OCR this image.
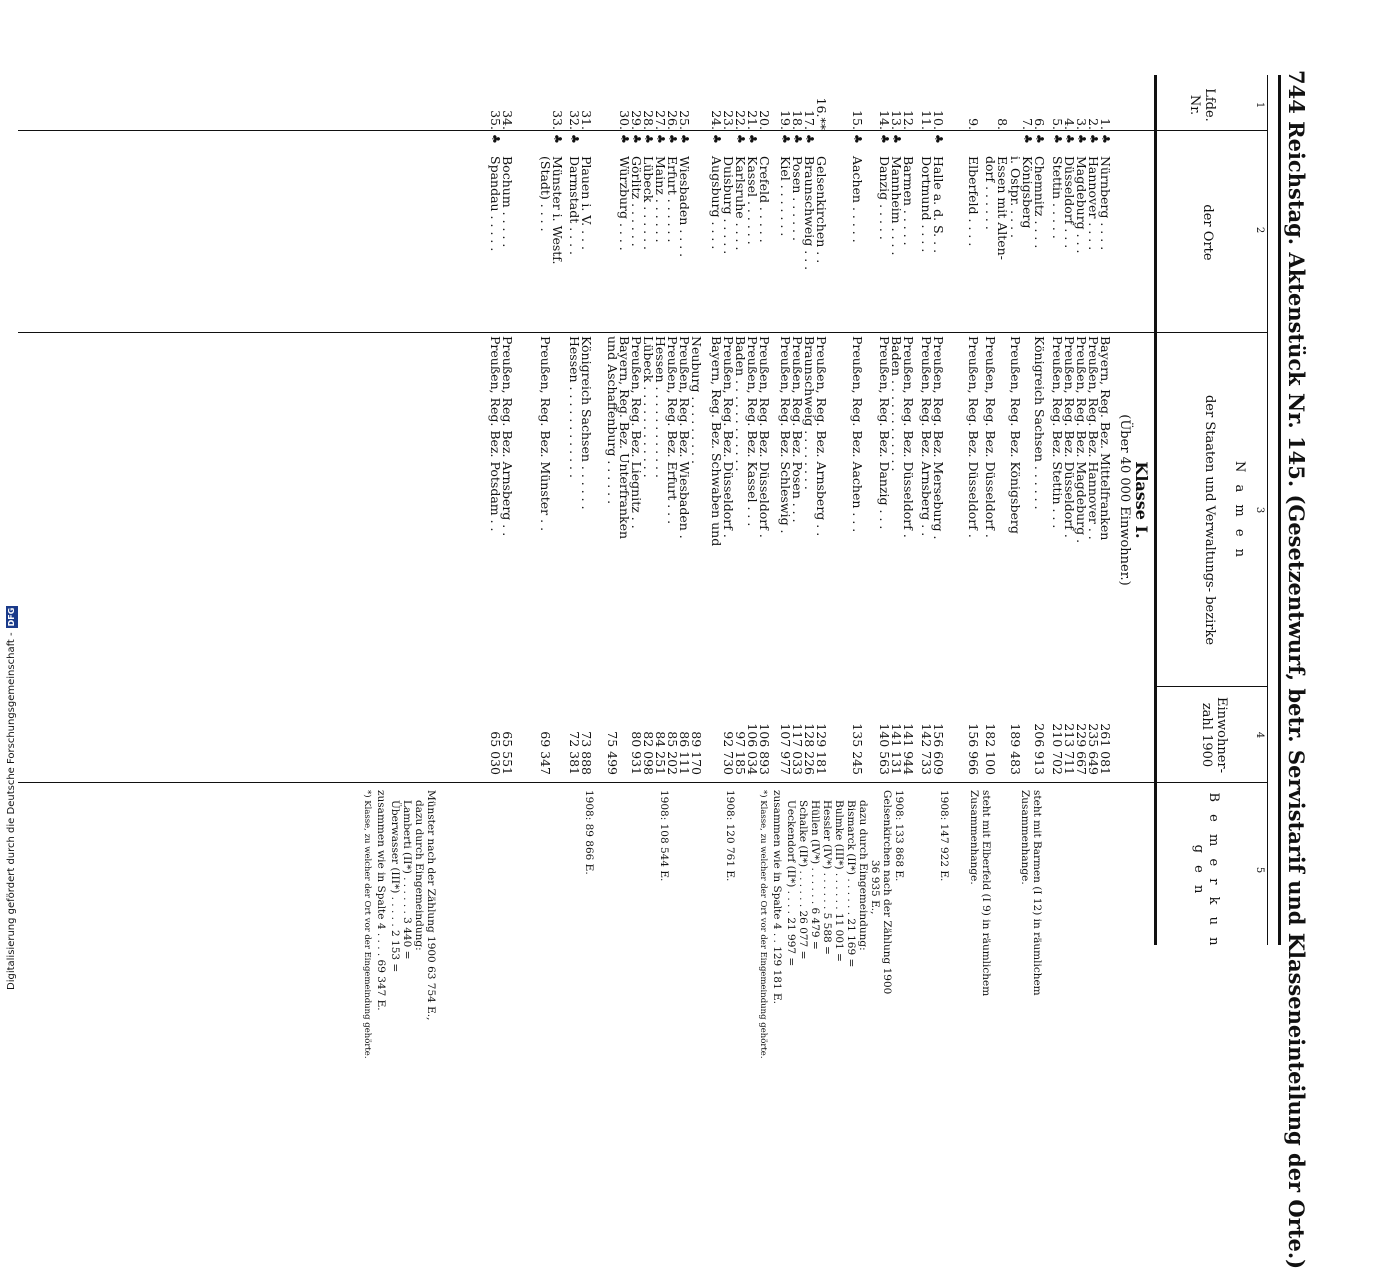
744 Reichstag. Aktenstück Nr. 145. (Gesetzentwurf, betr. Servistarif und Klasseneinteilung der Orte.)
1
2
3
4
5
Lfde. Nr.
N a m e n
der Orte
der Staaten und Verwaltungs- bezirke
Einwohner- zahl 1900
B e m e r k u n g e n
Klasse I.
(Über 40 000 Einwohner.)
1.
♣
Nürnberg . . . .
Bayern, Reg. Bez. Mittelfranken
261 081
2.
♣
Hannover . . . .
Preußen, Reg. Bez. Hannover . .
235 649
3.
♣
Magdeburg . . .
Preußen, Reg. Bez. Magdeburg .
229 667
4.
♣
Düsseldorf . . .
Preußen, Reg. Bez. Düsseldorf .
213 711
5.
♣
Stettin . . . . .
Preußen, Reg. Bez. Stettin . . .
210 702
6.
♣
Chemnitz . . . .
Königreich Sachsen . . . . . .
206 913
7.
♣
Königsberg
i. Ostpr. . . . .
Preußen, Reg. Bez. Königsberg
189 483
8.
Essen mit Alten-
dorf . . . . . .
Preußen, Reg. Bez. Düsseldorf .
182 100
9.
Elberfeld . . . .
Preußen, Reg. Bez. Düsseldorf .
156 966
10.
♣
Halle a. d. S. . .
Preußen, Reg. Bez. Merseburg .
156 609
11.
Dortmund . . . .
Preußen, Reg. Bez. Arnsberg . .
142 733
12.
Barmen . . . . .
Preußen, Reg. Bez. Düsseldorf .
141 944
13.
♣
Mannheim . . . .
Baden . . . . . . . . . . . .
141 131
14.
♣
Danzig . . . . .
Preußen, Reg. Bez. Danzig . . .
140 563
15.
♣
Aachen . . . . .
Preußen, Reg. Bez. Aachen . . .
135 245
16.**
Gelsenkirchen . .
Preußen, Reg. Bez. Arnsberg . .
129 181
17.
♣
Braunschweig . . .
Braunschweig . . . . . . . .
128 226
18.
♣
Posen . . . . . .
Preußen, Reg. Bez. Posen . . .
117 033
19.
♣
Kiel . . . . . . .
Preußen, Reg. Bez. Schleswig .
107 977
20.
Crefeld . . . . .
Preußen, Reg. Bez. Düsseldorf .
106 893
21.
♣
Kassel . . . . . .
Preußen, Reg. Bez. Kassel . . .
106 034
22.
♣
Karlsruhe . . . .
Baden . . . . . . . . . . . .
97 185
23.
Duisburg . . . . .
Preußen, Reg. Bez. Düsseldorf .
92 730
24.
♣
Augsburg . . . .
Bayern, Reg. Bez. Schwaben und
Neuburg . . . . . . . . .
89 170
25.
♣
Wiesbaden . . . .
Preußen, Reg. Bez. Wiesbaden .
86 111
26.
♣
Erfurt . . . . . .
Preußen, Reg. Bez. Erfurt . . .
85 202
27.
♣
Mainz . . . . . .
Hessen . . . . . . . . . . . .
84 251
28.
♣
Lübeck . . . . . .
Lübeck . . . . . . . . . . . .
82 098
29.
♣
Görlitz . . . . . .
Preußen, Reg. Bez. Liegnitz . .
80 931
30.
♣
Würzburg . . . .
Bayern, Reg. Bez. Unterfranken
und Aschaffenburg . . . . . .
75 499
31.
Plauen i. V. . . .
Königreich Sachsen . . . . . .
73 888
32.
♣
Darmstadt . . . .
Hessen . . . . . . . . . . . .
72 381
33.
♣
Münster i. Westf.
(Stadt) . . . .
Preußen, Reg. Bez. Münster . .
69 347
34.
Bochum . . . . .
Preußen, Reg. Bez. Arnsberg . .
65 551
35.
♣
Spandau . . . . .
Preußen, Reg. Bez. Potsdam . .
65 030
steht mit Barmen (I 12) in räumlichem
Zusammenhange.
steht mit Elberfeld (I 9) in räumlichem
Zusammenhange.
1908: 147 922 E.
1908: 133 868 E.
Gelsenkirchen nach der Zählung 1900
36 935 E.,
dazu durch Eingemeindung:
Bismarck (II*) . . . . . . 21 169 =
Bulmke (III*) . . . . . . 11 001 =
Hessler (IV*) . . . . . . 5 588 =
Hüllen (IV*) . . . . . . 6 479 =
Schalke (II*) . . . . . . 26 077 =
Ueckendorf (II*) . . . . 21 997 =
zusammen wie in Spalte 4 . . 129 181 E.
*) Klasse, zu welcher der Ort vor der Eingemeindung gehörte.
1908: 120 761 E.
1908: 108 544 E.
1908: 89 866 E.
Münster nach der Zählung 1900 63 754 E.,
dazu durch Eingemeindung:
Lamberti (II*) . . . . . . 3 440 =
Überwasser (III*) . . . . . 2 153 =
zusammen wie in Spalte 4 . . . . 69 347 E.
*) Klasse, zu welcher der Ort vor der Eingemeindung gehörte.
Digitalisierung gefördert durch die Deutsche Forschungsgemeinschaft -DFG
